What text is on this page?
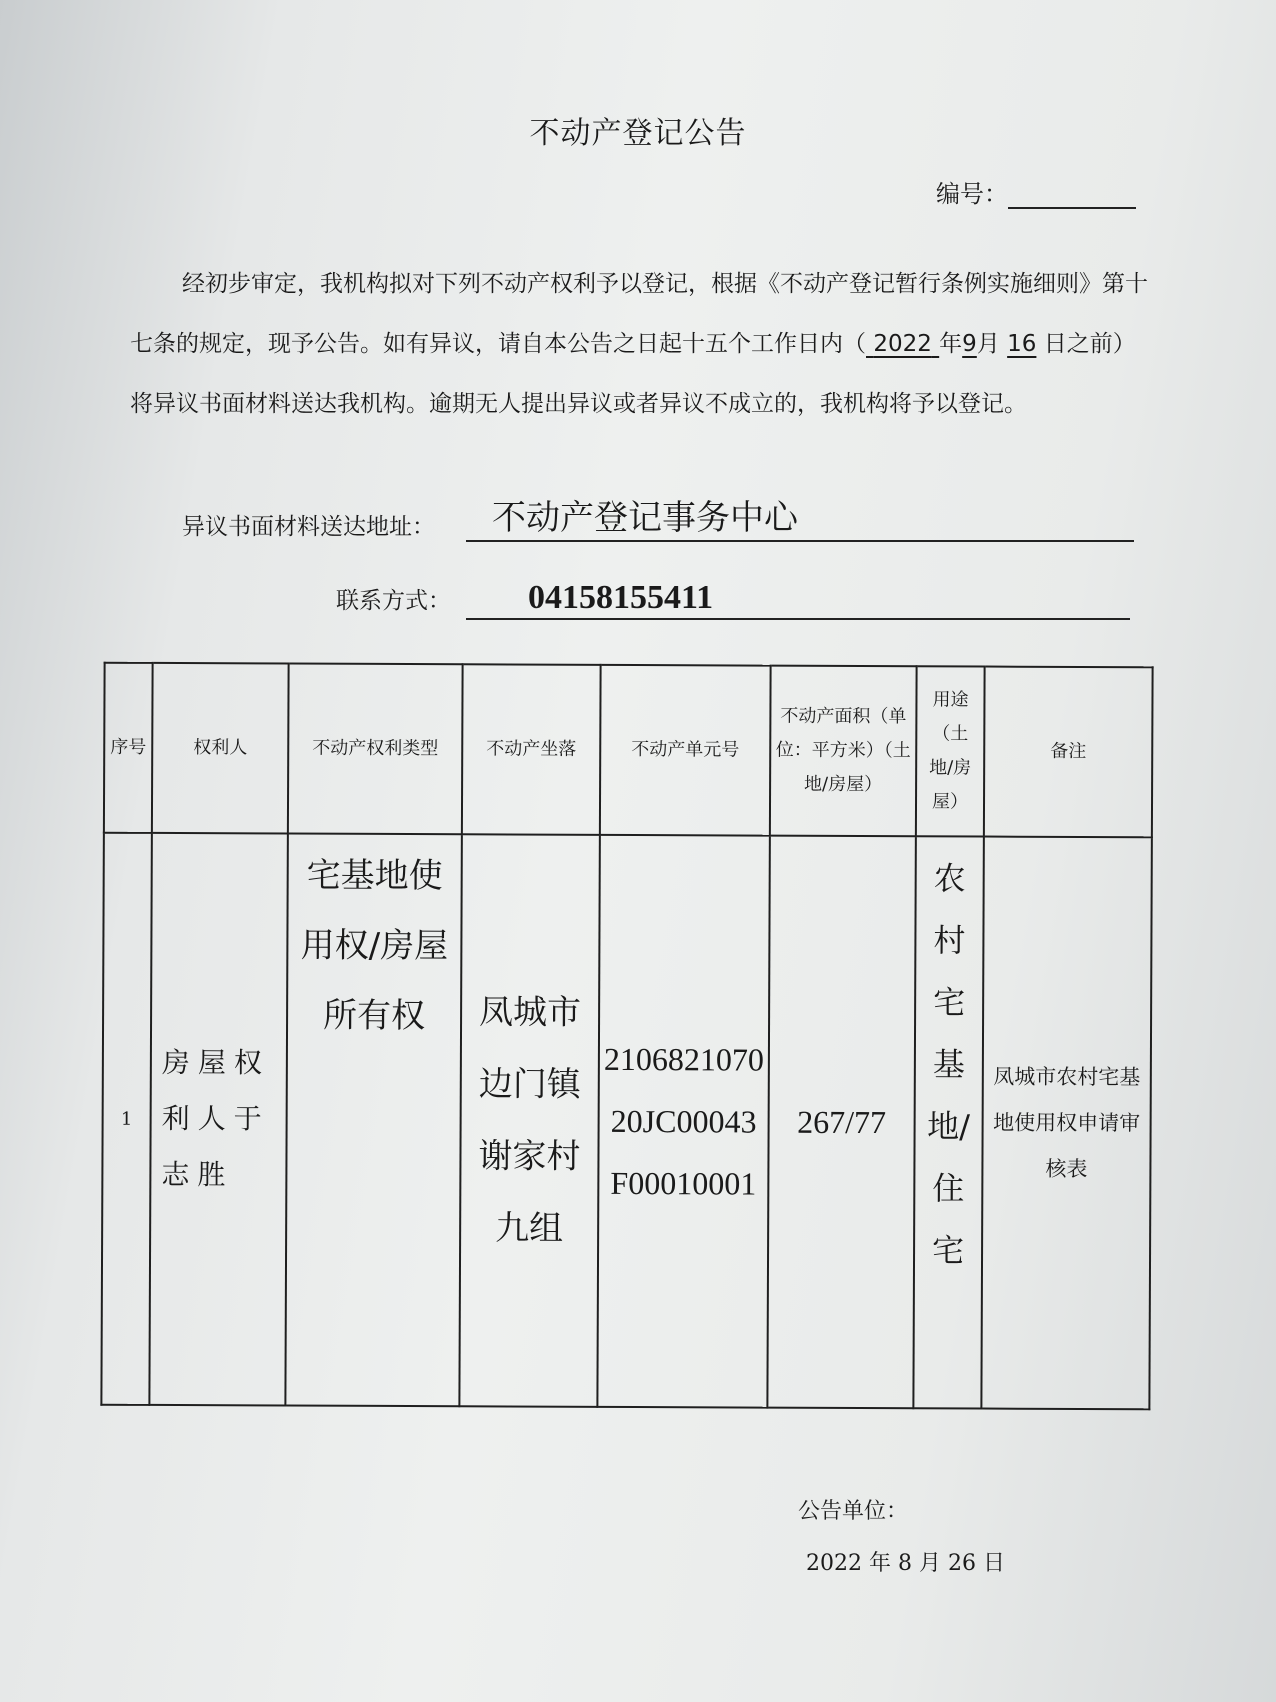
不动产登记公告
编号：
经初步审定，我机构拟对下列不动产权利予以登记，根据《不动产登记暂行条例实施细则》第十七条的规定，现予公告。如有异议，请自本公告之日起十五个工作日内（ 2022 年9月 16 日之前）将异议书面材料送达我机构。逾期无人提出异议或者异议不成立的，我机构将予以登记。
异议书面材料送达地址：	不动产登记事务中心
联系方式：	04158155411
序号	权利人	不动产权利类型	不动产坐落	不动产单元号	不动产面积（单位：平方米）（土地/房屋）	用途（土地/房屋）	备注
1	房屋权利人于志胜	宅基地使用权/房屋所有权	凤城市边门镇谢家村九组	210682107020JC00043F00010001	267/77	农村宅基地/住宅	凤城市农村宅基地使用权申请审核表
公告单位：
2022 年 8 月 26 日
